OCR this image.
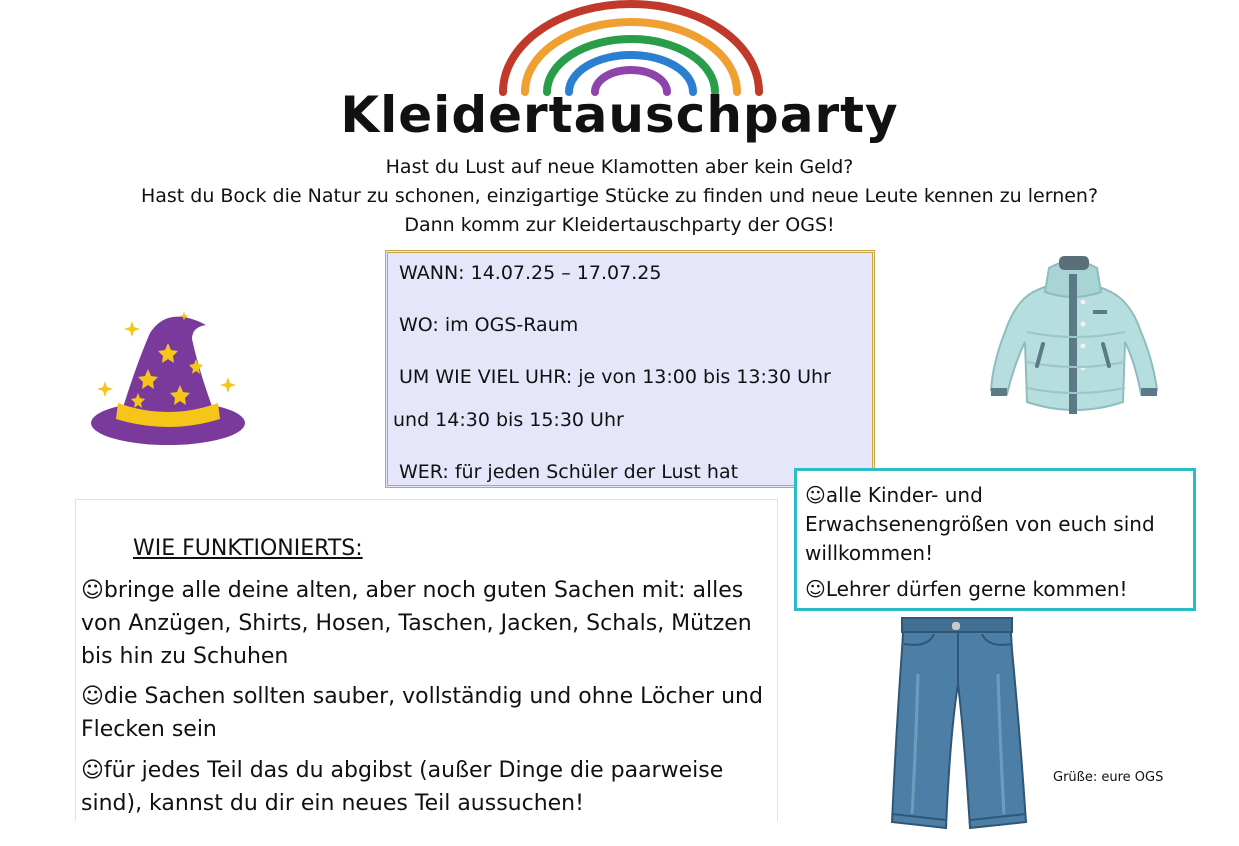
Kleidertauschparty
Hast du Lust auf neue Klamotten aber kein Geld?
Hast du Bock die Natur zu schonen, einzigartige Stücke zu finden und neue Leute kennen zu lernen?
Dann komm zur Kleidertauschparty der OGS!
WANN: 14.07.25 – 17.07.25
WO: im OGS-Raum
UM WIE VIEL UHR: je von 13:00 bis 13:30 Uhr
und 14:30 bis 15:30 Uhr
WER: für jeden Schüler der Lust hat
☺alle Kinder- und Erwachsenengrößen von euch sind willkommen!
☺Lehrer dürfen gerne kommen!
WIE FUNKTIONIERTS:
☺bringe alle deine alten, aber noch guten Sachen mit: alles von Anzügen, Shirts, Hosen, Taschen, Jacken, Schals, Mützen bis hin zu Schuhen
☺die Sachen sollten sauber, vollständig und ohne Löcher und Flecken sein
☺für jedes Teil das du abgibst (außer Dinge die paarweise sind), kannst du dir ein neues Teil aussuchen!
Grüße: eure OGS
